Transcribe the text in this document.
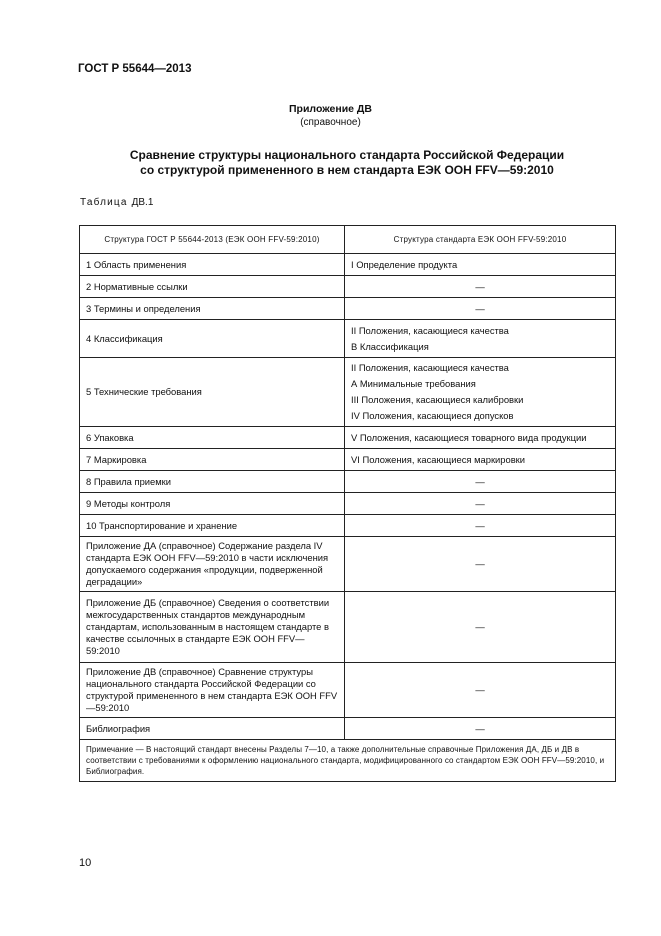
ГОСТ Р 55644—2013
Приложение ДВ
(справочное)
Сравнение структуры национального стандарта Российской Федерации
со структурой примененного в нем стандарта ЕЭК ООН FFV—59:2010
Таблица ДВ.1
Структура ГОСТ Р 55644-2013 (ЕЭК ООН FFV-59:2010)	Структура стандарта ЕЭК ООН FFV-59:2010
1 Область применения	I Определение продукта

2 Нормативные ссылки	—

3 Термины и определения	—

4 Классификация	II Положения, касающиеся качества
В Классификация

5 Технические требования	II Положения, касающиеся качества
А Минимальные требования
III Положения, касающиеся калибровки
IV Положения, касающиеся допусков

6 Упаковка	V Положения, касающиеся товарного вида продукции

7 Маркировка	VI Положения, касающиеся маркировки

8 Правила приемки	—

9 Методы контроля	—

10 Транспортирование и хранение	—

Приложение ДА (справочное) Содержание раздела IV стандарта ЕЭК ООН FFV—59:2010 в части исключения допускаемого содержания «продукции, подверженной деградации»	—

Приложение ДБ (справочное) Сведения о соответствии межгосударственных стандартов международным стандартам, использованным в настоящем стандарте в качестве ссылочных в стандарте ЕЭК ООН FFV—59:2010	—

Приложение ДВ (справочное) Сравнение структуры национального стандарта Российской Федерации со структурой примененного в нем стандарта ЕЭК ООН FFV—59:2010	—

Библиография	—

Примечание — В настоящий стандарт внесены Разделы 7—10, а также дополнительные справочные Приложения ДА, ДБ и ДВ в соответствии с требованиями к оформлению национального стандарта, модифицированного со стандартом ЕЭК ООН FFV—59:2010, и Библиография.	
10
